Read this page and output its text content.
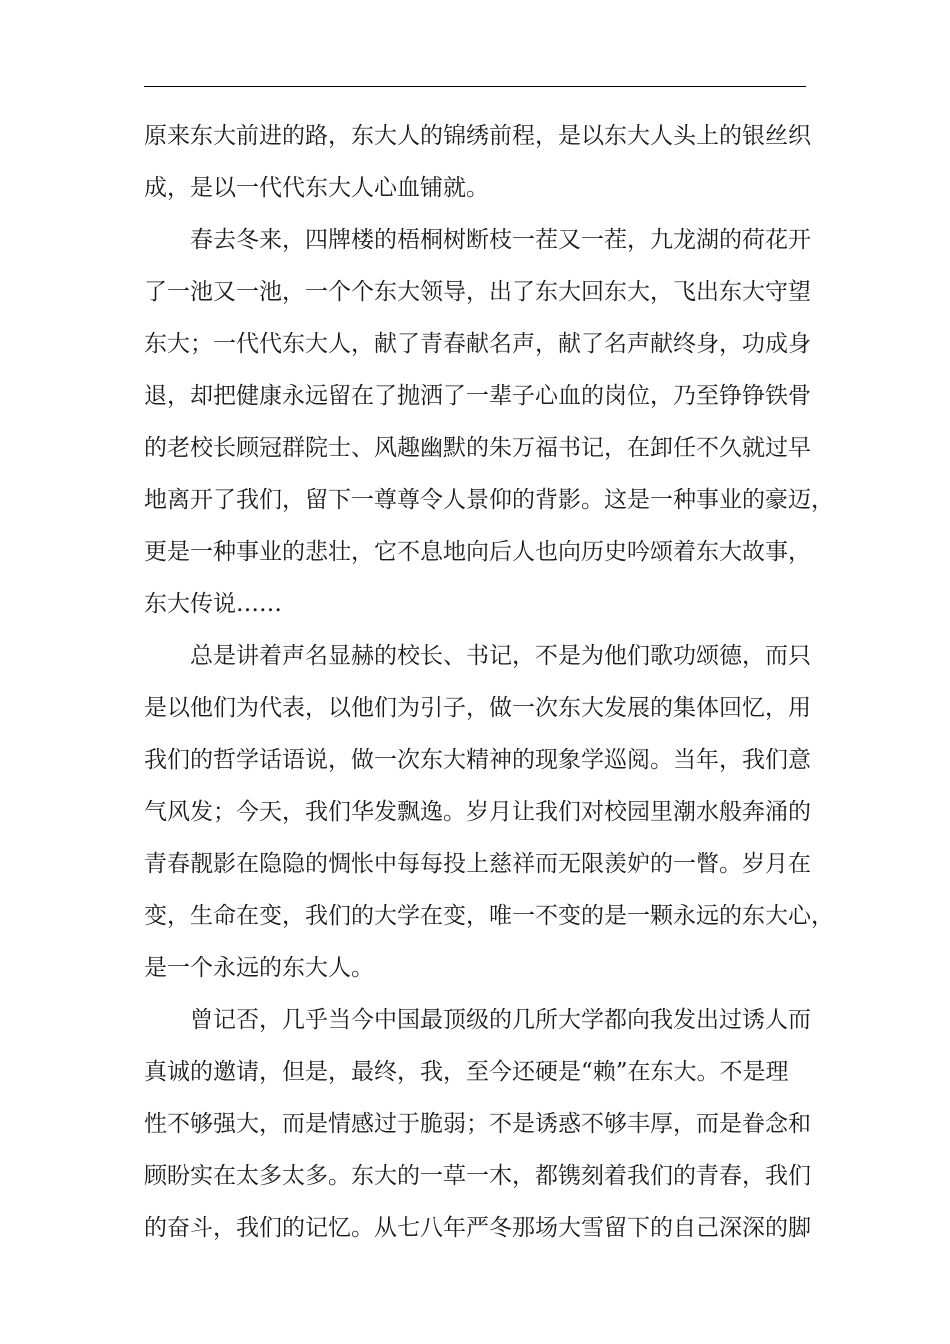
原来东大前进的路，东大人的锦绣前程，是以东大人头上的银丝织
成，是以一代代东大人心血铺就。
春去冬来，四牌楼的梧桐树断枝一茬又一茬，九龙湖的荷花开
了一池又一池，一个个东大领导，出了东大回东大，飞出东大守望
东大；一代代东大人，献了青春献名声，献了名声献终身，功成身
退，却把健康永远留在了抛洒了一辈子心血的岗位，乃至铮铮铁骨
的老校长顾冠群院士、风趣幽默的朱万福书记，在卸任不久就过早
地离开了我们，留下一尊尊令人景仰的背影。这是一种事业的豪迈，
更是一种事业的悲壮，它不息地向后人也向历史吟颂着东大故事，
东大传说……
总是讲着声名显赫的校长、书记，不是为他们歌功颂德，而只
是以他们为代表，以他们为引子，做一次东大发展的集体回忆，用
我们的哲学话语说，做一次东大精神的现象学巡阅。当年，我们意
气风发；今天，我们华发飘逸。岁月让我们对校园里潮水般奔涌的
青春靓影在隐隐的惆怅中每每投上慈祥而无限羡妒的一瞥。岁月在
变，生命在变，我们的大学在变，唯一不变的是一颗永远的东大心，
是一个永远的东大人。
曾记否，几乎当今中国最顶级的几所大学都向我发出过诱人而
真诚的邀请，但是，最终，我，至今还硬是“赖”在东大。不是理
性不够强大，而是情感过于脆弱；不是诱惑不够丰厚，而是眷念和
顾盼实在太多太多。东大的一草一木，都镌刻着我们的青春，我们
的奋斗，我们的记忆。从七八年严冬那场大雪留下的自己深深的脚
